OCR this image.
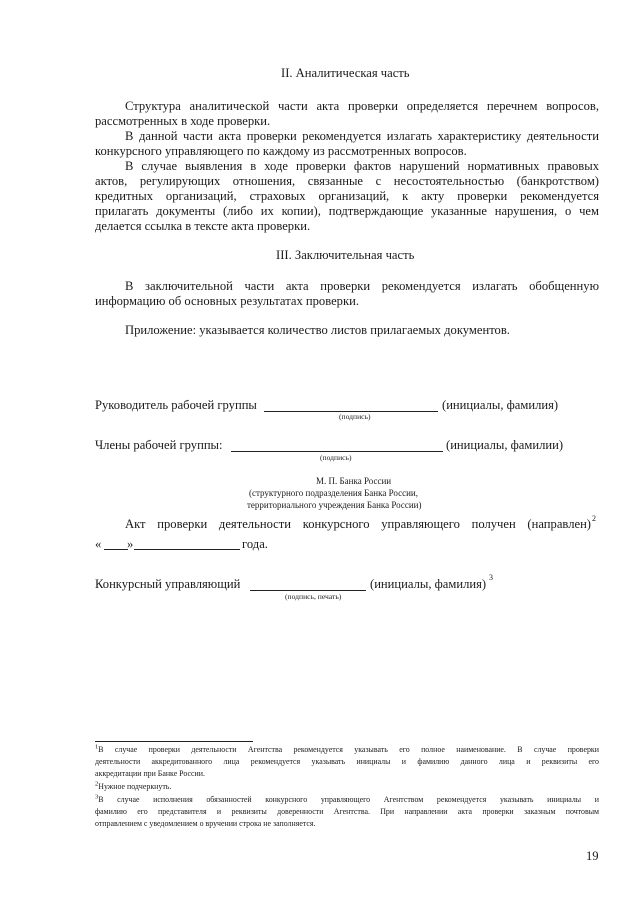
II. Аналитическая часть
Структура аналитической части акта проверки определяется перечнем вопросов,
рассмотренных в ходе проверки.
В данной части акта проверки рекомендуется излагать характеристику деятельности
конкурсного управляющего по каждому из рассмотренных вопросов.
В случае выявления в ходе проверки фактов нарушений нормативных правовых
актов, регулирующих отношения, связанные с несостоятельностью (банкротством)
кредитных организаций, страховых организаций, к акту проверки рекомендуется
прилагать документы (либо их копии), подтверждающие указанные нарушения, о чем
делается ссылка в тексте акта проверки.
III. Заключительная часть
В заключительной части акта проверки рекомендуется излагать обобщенную
информацию об основных результатах проверки.
Приложение: указывается количество листов прилагаемых документов.
Руководитель рабочей группы	(инициалы, фамилия)
(подпись)
Члены рабочей группы:	(инициалы, фамилии)
(подпись)
М. П. Банка России
(структурного подразделения Банка России,
территориального учреждения Банка России)
Акт проверки деятельности конкурсного управляющего получен (направлен) 2
« »	года.
Конкурсный управляющий	(инициалы, фамилия) 3
(подпись, печать)
$^1$В случае проверки деятельности Агентства рекомендуется указывать его полное наименование. В случае проверки
деятельности аккредитованного лица рекомендуется указывать инициалы и фамилию данного лица и реквизиты его
аккредитации при Банке России.
$^2$Нужное подчеркнуть.
$^3$В случае исполнения обязанностей конкурсного управляющего Агентством рекомендуется указывать инициалы и
фамилию его представителя и реквизиты доверенности Агентства. При направлении акта проверки заказным почтовым
отправлением с уведомлением о вручении строка не заполняется.
19
